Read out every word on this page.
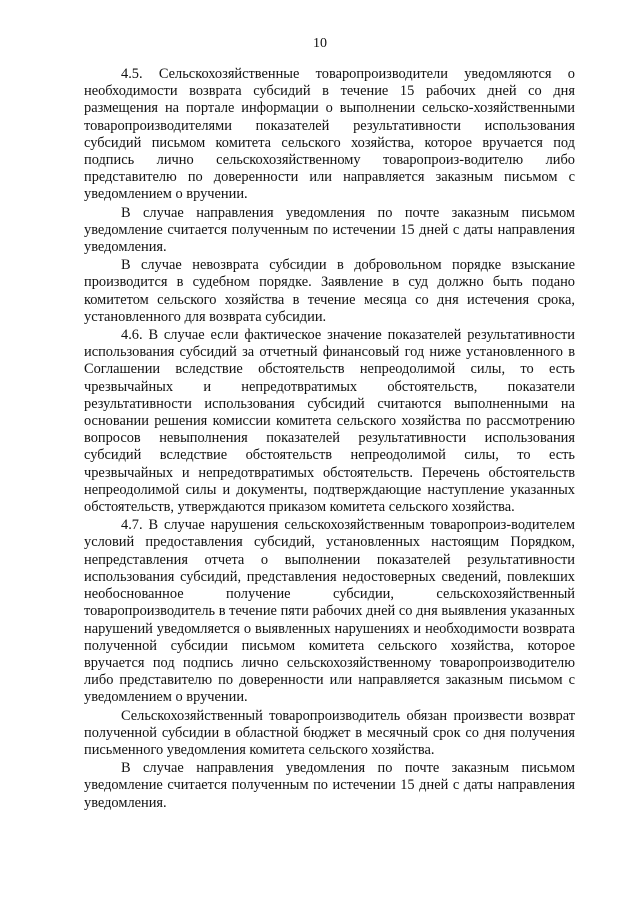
10

4.5. Сельскохозяйственные товаропроизводители уведомляются о необходимости возврата субсидий в течение 15 рабочих дней со дня размещения на портале информации о выполнении сельско-хозяйственными товаропроизводителями показателей результативности использования субсидий письмом комитета сельского хозяйства, которое вручается под подпись лично сельскохозяйственному товаропроиз-водителю либо представителю по доверенности или направляется заказным письмом с уведомлением о вручении.

В случае направления уведомления по почте заказным письмом уведомление считается полученным по истечении 15 дней с даты направления уведомления.

В случае невозврата субсидии в добровольном порядке взыскание производится в судебном порядке. Заявление в суд должно быть подано комитетом сельского хозяйства в течение месяца со дня истечения срока, установленного для возврата субсидии.

4.6. В случае если фактическое значение показателей результативности использования субсидий за отчетный финансовый год ниже установленного в Соглашении вследствие обстоятельств непреодолимой силы, то есть чрезвычайных и непредотвратимых обстоятельств, показатели результативности использования субсидий считаются выполненными на основании решения комиссии комитета сельского хозяйства по рассмотрению вопросов невыполнения показателей результативности использования субсидий вследствие обстоятельств непреодолимой силы, то есть чрезвычайных и непредотвратимых обстоятельств. Перечень обстоятельств непреодолимой силы и документы, подтверждающие наступление указанных обстоятельств, утверждаются приказом комитета сельского хозяйства.

4.7. В случае нарушения сельскохозяйственным товаропроиз-водителем условий предоставления субсидий, установленных настоящим Порядком, непредставления отчета о выполнении показателей результативности использования субсидий, представления недостоверных сведений, повлекших необоснованное получение субсидии, сельскохозяйственный товаропроизводитель в течение пяти рабочих дней со дня выявления указанных нарушений уведомляется о выявленных нарушениях и необходимости возврата полученной субсидии письмом комитета сельского хозяйства, которое вручается под подпись лично сельскохозяйственному товаропроизводителю либо представителю по доверенности или направляется заказным письмом с уведомлением о вручении.

Сельскохозяйственный товаропроизводитель обязан произвести возврат полученной субсидии в областной бюджет в месячный срок со дня получения письменного уведомления комитета сельского хозяйства.

В случае направления уведомления по почте заказным письмом уведомление считается полученным по истечении 15 дней с даты направления уведомления.
